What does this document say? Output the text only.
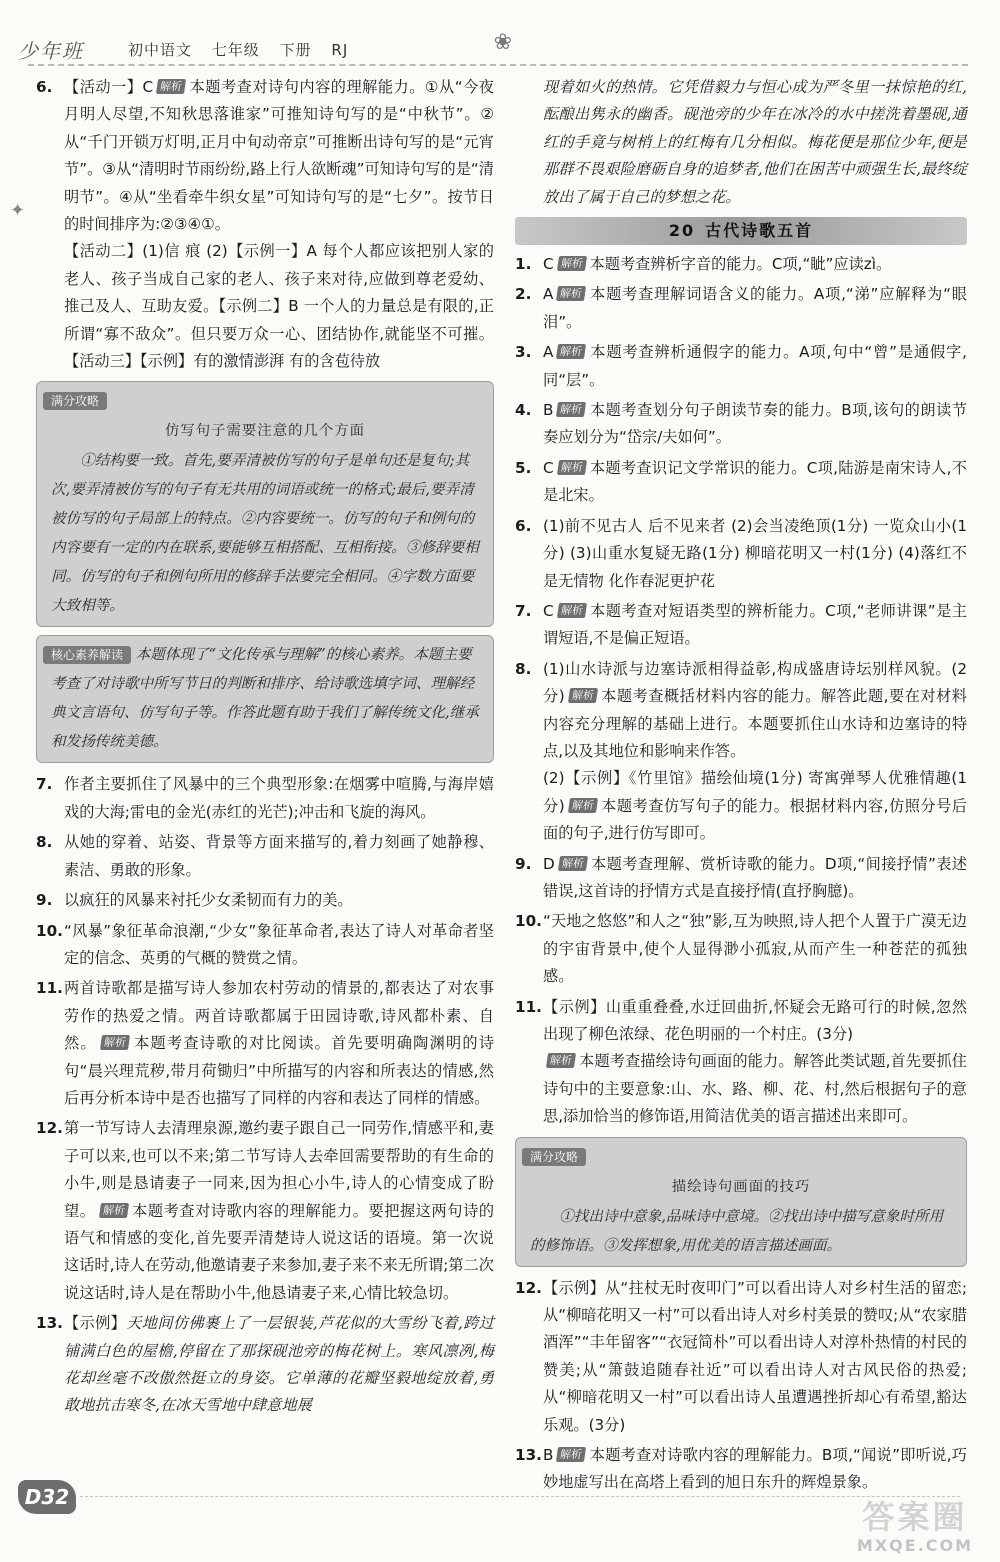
少年班	初中语文 七年级 下册 RJ	❀
✦
6. 【活动一】C 解析 本题考查对诗句内容的理解能力。①从“今夜月明人尽望,不知秋思落谁家”可推知诗句写的是“中秋节”。②从“千门开锁万灯明,正月中旬动帝京”可推断出诗句写的是“元宵节”。③从“清明时节雨纷纷,路上行人欲断魂”可知诗句写的是“清明节”。④从“坐看牵牛织女星”可知诗句写的是“七夕”。按节日的时间排序为:②③④①。
【活动二】(1)信 痕 (2)【示例一】A 每个人都应该把别人家的老人、孩子当成自己家的老人、孩子来对待,应做到尊老爱幼、推己及人、互助友爱。【示例二】B 一个人的力量总是有限的,正所谓“寡不敌众”。但只要万众一心、团结协作,就能坚不可摧。【活动三】【示例】有的激情澎湃 有的含苞待放
满分攻略
仿写句子需要注意的几个方面

①结构要一致。首先,要弄清被仿写的句子是单句还是复句;其次,要弄清被仿写的句子有无共用的词语或统一的格式;最后,要弄清被仿写的句子局部上的特点。②内容要统一。仿写的句子和例句的内容要有一定的内在联系,要能够互相搭配、互相衔接。③修辞要相同。仿写的句子和例句所用的修辞手法要完全相同。④字数方面要大致相等。

核心素养解读 本题体现了“文化传承与理解”的核心素养。本题主要考查了对诗歌中所写节日的判断和排序、给诗歌选填字词、理解经典文言语句、仿写句子等。作答此题有助于我们了解传统文化,继承和发扬传统美德。
7. 作者主要抓住了风暴中的三个典型形象:在烟雾中喧腾,与海岸嬉戏的大海;雷电的金光(赤红的光芒);冲击和飞旋的海风。
8. 从她的穿着、站姿、背景等方面来描写的,着力刻画了她静穆、素洁、勇敢的形象。
9. 以疯狂的风暴来衬托少女柔韧而有力的美。
10. “风暴”象征革命浪潮,“少女”象征革命者,表达了诗人对革命者坚定的信念、英勇的气概的赞赏之情。
11. 两首诗歌都是描写诗人参加农村劳动的情景的,都表达了对农事劳作的热爱之情。两首诗歌都属于田园诗歌,诗风都朴素、自然。 解析 本题考查诗歌的对比阅读。首先要明确陶渊明的诗句“晨兴理荒秽,带月荷锄归”中所描写的内容和所表达的情感,然后再分析本诗中是否也描写了同样的内容和表达了同样的情感。
12. 第一节写诗人去清理泉源,邀约妻子跟自己一同劳作,情感平和,妻子可以来,也可以不来;第二节写诗人去牵回需要帮助的有生命的小牛,则是恳请妻子一同来,因为担心小牛,诗人的心情变成了盼望。 解析 本题考查对诗歌内容的理解能力。要把握这两句诗的语气和情感的变化,首先要弄清楚诗人说这话的语境。第一次说这话时,诗人在劳动,他邀请妻子来参加,妻子来不来无所谓;第二次说这话时,诗人是在帮助小牛,他恳请妻子来,心情比较急切。
13. 【示例】天地间仿佛裹上了一层银装,芦花似的大雪纷飞着,跨过铺满白色的屋檐,停留在了那探砚池旁的梅花树上。寒风凛冽,梅花却丝毫不改傲然挺立的身姿。它单薄的花瓣坚毅地绽放着,勇敢地抗击寒冬,在冰天雪地中肆意地展
现着如火的热情。它凭借毅力与恒心成为严冬里一抹惊艳的红,酝酿出隽永的幽香。砚池旁的少年在冰冷的水中搓洗着墨砚,通红的手竟与树梢上的红梅有几分相似。梅花便是那位少年,便是那群不畏艰险磨砺自身的追梦者,他们在困苦中顽强生长,最终绽放出了属于自己的梦想之花。
20 古代诗歌五首
1. C 解析 本题考查辨析字音的能力。C项,“眦”应读zì。
2. A 解析 本题考查理解词语含义的能力。A项,“涕”应解释为“眼泪”。
3. A 解析 本题考查辨析通假字的能力。A项,句中“曾”是通假字,同“层”。
4. B 解析 本题考查划分句子朗读节奏的能力。B项,该句的朗读节奏应划分为“岱宗/夫如何”。
5. C 解析 本题考查识记文学常识的能力。C项,陆游是南宋诗人,不是北宋。
6. (1)前不见古人 后不见来者 (2)会当凌绝顶(1分) 一览众山小(1分) (3)山重水复疑无路(1分) 柳暗花明又一村(1分) (4)落红不是无情物 化作春泥更护花
7. C 解析 本题考查对短语类型的辨析能力。C项,“老师讲课”是主谓短语,不是偏正短语。
8. (1)山水诗派与边塞诗派相得益彰,构成盛唐诗坛别样风貌。(2分) 解析 本题考查概括材料内容的能力。解答此题,要在对材料内容充分理解的基础上进行。本题要抓住山水诗和边塞诗的特点,以及其地位和影响来作答。
(2)【示例】《竹里馆》描绘仙境(1分) 寄寓弹琴人优雅情趣(1分) 解析 本题考查仿写句子的能力。根据材料内容,仿照分号后面的句子,进行仿写即可。
9. D 解析 本题考查理解、赏析诗歌的能力。D项,“间接抒情”表述错误,这首诗的抒情方式是直接抒情(直抒胸臆)。
10. “天地之悠悠”和人之“独”影,互为映照,诗人把个人置于广漠无边的宇宙背景中,使个人显得渺小孤寂,从而产生一种苍茫的孤独感。
11. 【示例】山重重叠叠,水迂回曲折,怀疑会无路可行的时候,忽然出现了柳色浓绿、花色明丽的一个村庄。(3分)
解析 本题考查描绘诗句画面的能力。解答此类试题,首先要抓住诗句中的主要意象:山、水、路、柳、花、村,然后根据句子的意思,添加恰当的修饰语,用简洁优美的语言描述出来即可。
满分攻略
描绘诗句画面的技巧

①找出诗中意象,品味诗中意境。②找出诗中描写意象时所用的修饰语。③发挥想象,用优美的语言描述画面。

12. 【示例】从“拄杖无时夜叩门”可以看出诗人对乡村生活的留恋;从“柳暗花明又一村”可以看出诗人对乡村美景的赞叹;从“农家腊酒浑”“丰年留客”“衣冠简朴”可以看出诗人对淳朴热情的村民的赞美;从“箫鼓追随春社近”可以看出诗人对古风民俗的热爱;从“柳暗花明又一村”可以看出诗人虽遭遇挫折却心有希望,豁达乐观。(3分)
13. B 解析 本题考查对诗歌内容的理解能力。B项,“闻说”即听说,巧妙地虚写出在高塔上看到的旭日东升的辉煌景象。
D32
答案圈
MXQE.COM
